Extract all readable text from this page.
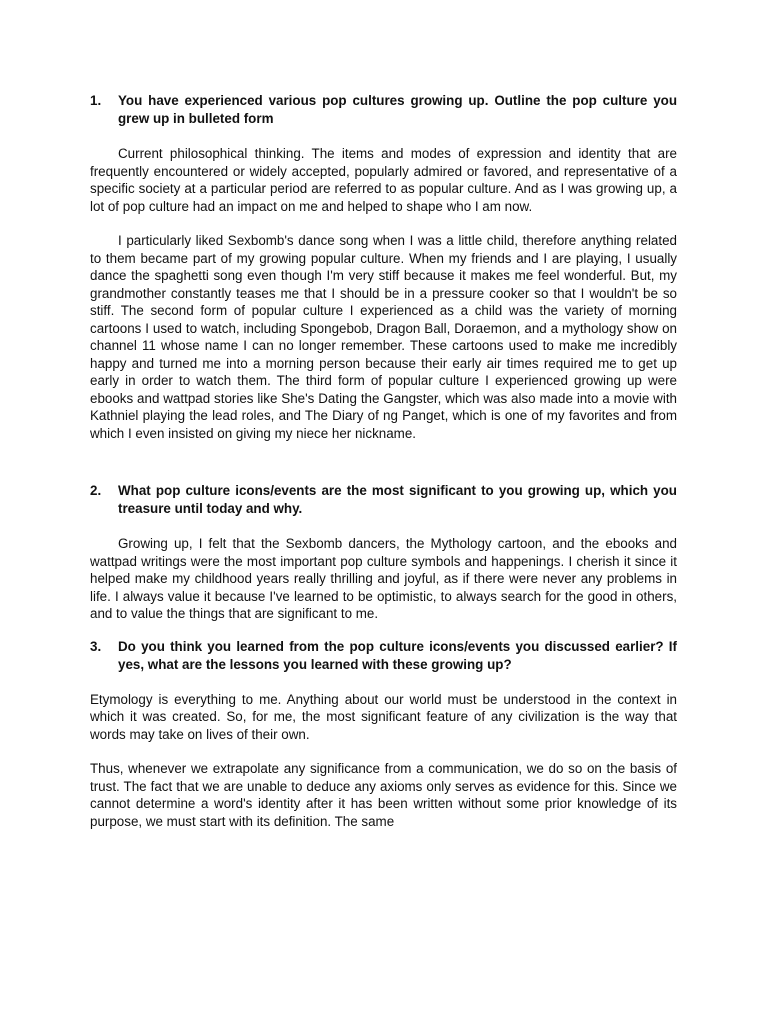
1.	You have experienced various pop cultures growing up. Outline the pop culture you grew up in bulleted form

Current philosophical thinking. The items and modes of expression and identity that are frequently encountered or widely accepted, popularly admired or favored, and representative of a specific society at a particular period are referred to as popular culture. And as I was growing up, a lot of pop culture had an impact on me and helped to shape who I am now.

I particularly liked Sexbomb's dance song when I was a little child, therefore anything related to them became part of my growing popular culture. When my friends and I are playing, I usually dance the spaghetti song even though I'm very stiff because it makes me feel wonderful. But, my grandmother constantly teases me that I should be in a pressure cooker so that I wouldn't be so stiff. The second form of popular culture I experienced as a child was the variety of morning cartoons I used to watch, including Spongebob, Dragon Ball, Doraemon, and a mythology show on channel 11 whose name I can no longer remember. These cartoons used to make me incredibly happy and turned me into a morning person because their early air times required me to get up early in order to watch them. The third form of popular culture I experienced growing up were ebooks and wattpad stories like She's Dating the Gangster, which was also made into a movie with Kathniel playing the lead roles, and The Diary of ng Panget, which is one of my favorites and from which I even insisted on giving my niece her nickname.

2.	What pop culture icons/events are the most significant to you growing up, which you treasure until today and why.

Growing up, I felt that the Sexbomb dancers, the Mythology cartoon, and the ebooks and wattpad writings were the most important pop culture symbols and happenings. I cherish it since it helped make my childhood years really thrilling and joyful, as if there were never any problems in life. I always value it because I've learned to be optimistic, to always search for the good in others, and to value the things that are significant to me.

3.	Do you think you learned from the pop culture icons/events you discussed earlier? If yes, what are the lessons you learned with these growing up?

Etymology is everything to me. Anything about our world must be understood in the context in which it was created. So, for me, the most significant feature of any civilization is the way that words may take on lives of their own.

Thus, whenever we extrapolate any significance from a communication, we do so on the basis of trust. The fact that we are unable to deduce any axioms only serves as evidence for this. Since we cannot determine a word's identity after it has been written without some prior knowledge of its purpose, we must start with its definition. The same
